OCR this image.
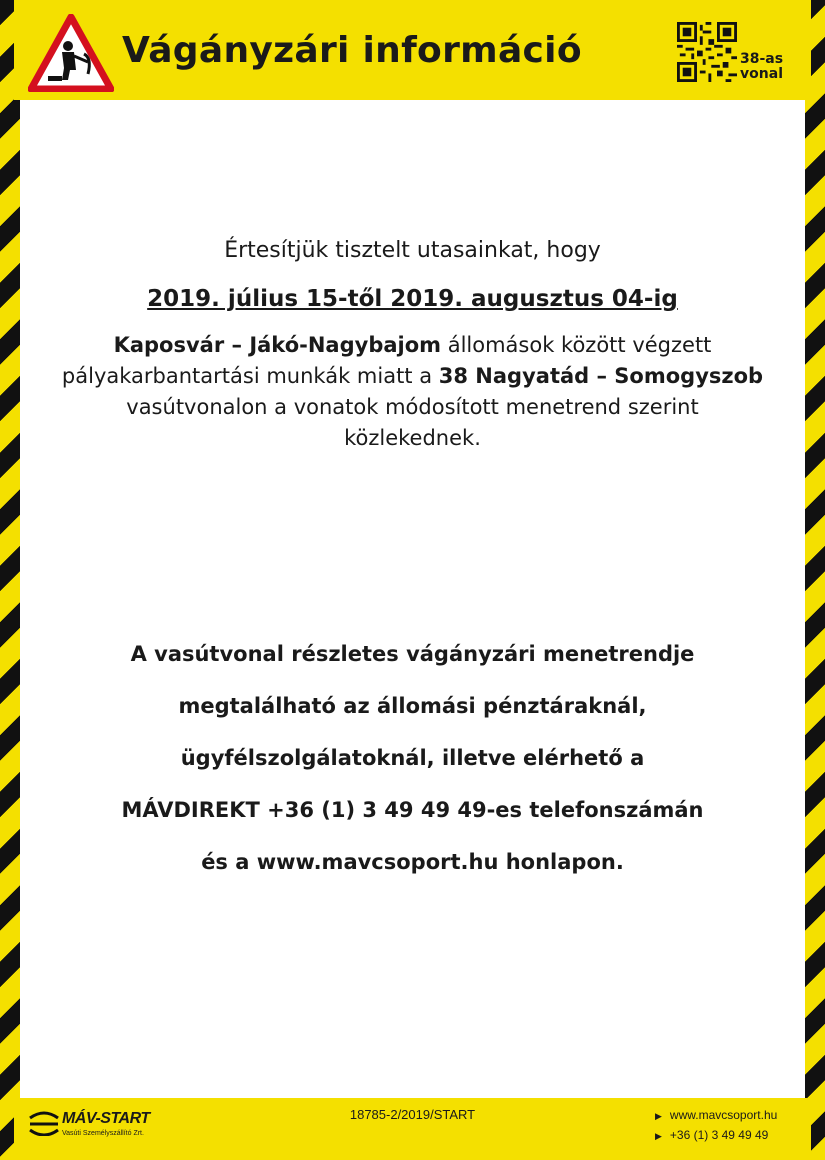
Vágányzári információ	38-as
vonal
Értesítjük tisztelt utasainkat, hogy
2019. július 15-től 2019. augusztus 04-ig
Kaposvár – Jákó-Nagybajom állomások között végzett
pályakarbantartási munkák miatt a 38 Nagyatád – Somogyszob
vasútvonalon a vonatok módosított menetrend szerint
közlekednek.
A vasútvonal részletes vágányzári menetrendje
megtalálható az állomási pénztáraknál,
ügyfélszolgálatoknál, illetve elérhető a
MÁVDIREKT +36 (1) 3 49 49 49-es telefonszámán
és a www.mavcsoport.hu honlapon.
MÁV-START
Vasúti Személyszállító Zrt.
18785-2/2019/START	▶ www.mavcsoport.hu
▶ +36 (1) 3 49 49 49
